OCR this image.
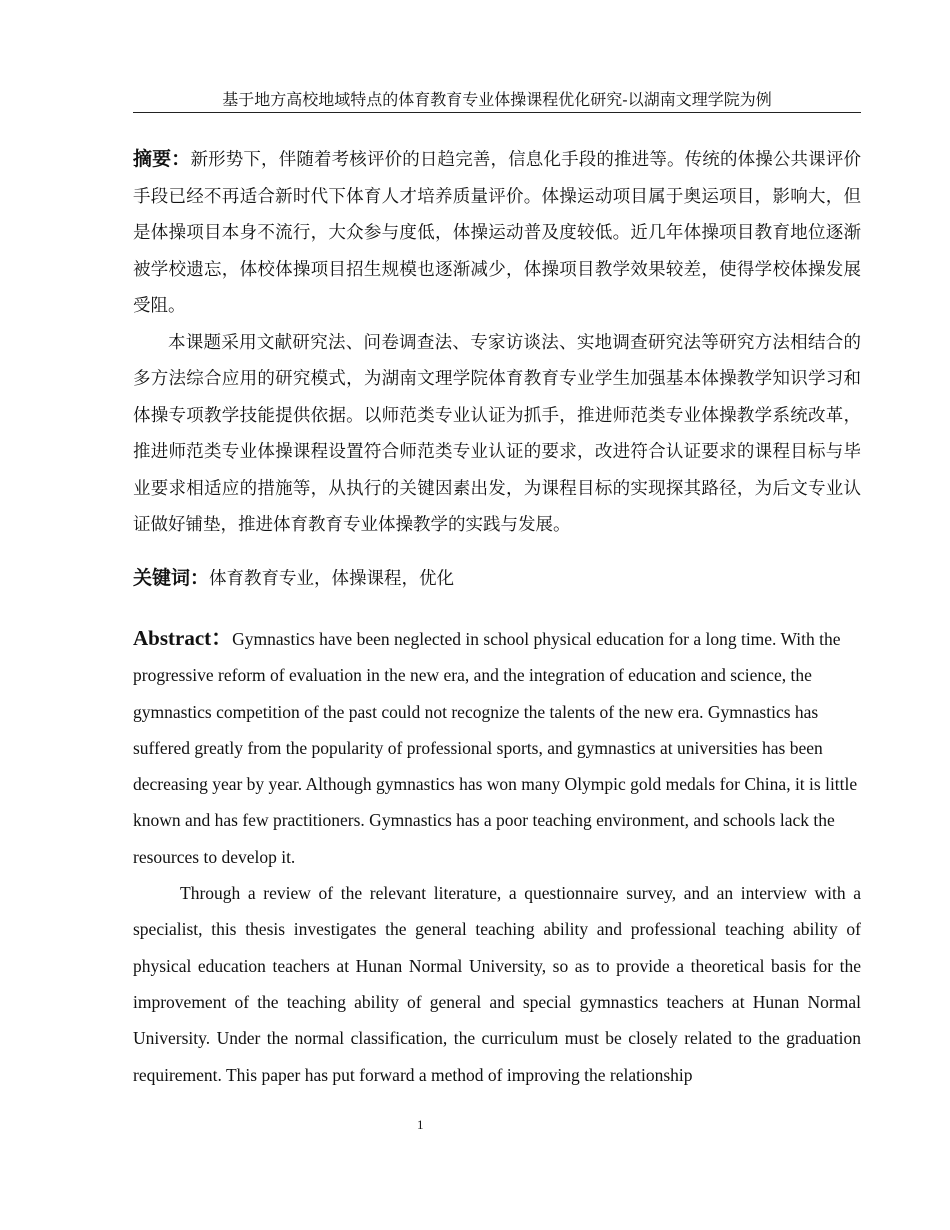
基于地方高校地域特点的体育教育专业体操课程优化研究-以湖南文理学院为例

摘要：新形势下，伴随着考核评价的日趋完善，信息化手段的推进等。传统的体操公共课评价手段已经不再适合新时代下体育人才培养质量评价。体操运动项目属于奥运项目，影响大，但是体操项目本身不流行，大众参与度低，体操运动普及度较低。近几年体操项目教育地位逐渐被学校遗忘，体校体操项目招生规模也逐渐减少，体操项目教学效果较差，使得学校体操发展受阻。

本课题采用文献研究法、问卷调查法、专家访谈法、实地调查研究法等研究方法相结合的多方法综合应用的研究模式，为湖南文理学院体育教育专业学生加强基本体操教学知识学习和体操专项教学技能提供依据。以师范类专业认证为抓手，推进师范类专业体操教学系统改革，推进师范类专业体操课程设置符合师范类专业认证的要求，改进符合认证要求的课程目标与毕业要求相适应的措施等，从执行的关键因素出发，为课程目标的实现探其路径，为后文专业认证做好铺垫，推进体育教育专业体操教学的实践与发展。

关键词：体育教育专业，体操课程，优化

Abstract：Gymnastics have been neglected in school physical education for a long time. With the progressive reform of evaluation in the new era, and the integration of education and science, the gymnastics competition of the past could not recognize the talents of the new era. Gymnastics has suffered greatly from the popularity of professional sports, and gymnastics at universities has been decreasing year by year. Although gymnastics has won many Olympic gold medals for China, it is little known and has few practitioners. Gymnastics has a poor teaching environment, and schools lack the resources to develop it.

Through a review of the relevant literature, a questionnaire survey, and an interview with a specialist, this thesis investigates the general teaching ability and professional teaching ability of physical education teachers at Hunan Normal University, so as to provide a theoretical basis for the improvement of the teaching ability of general and special gymnastics teachers at Hunan Normal University. Under the normal classification, the curriculum must be closely related to the graduation requirement. This paper has put forward a method of improving the relationship

1
